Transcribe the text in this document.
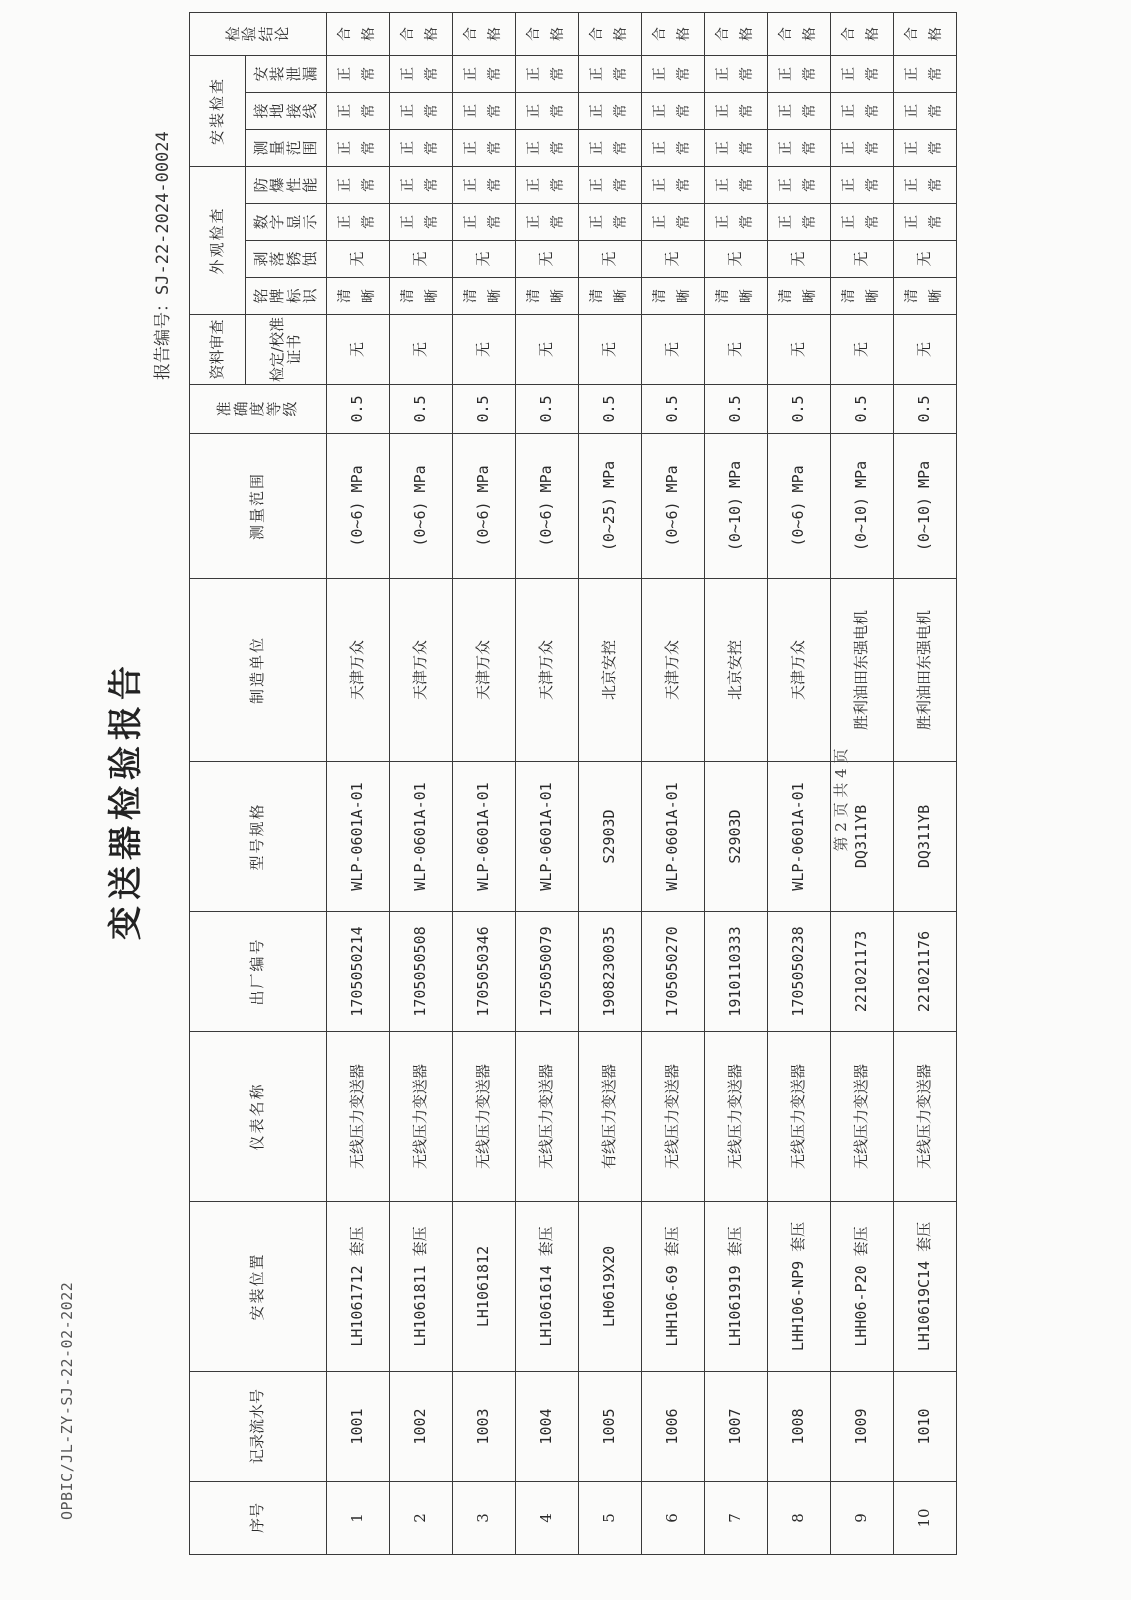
OPBIC/JL-ZY-SJ-22-02-2022
变送器检验报告
报告编号：SJ-22-2024-00024
序号	记录流水号	安装位置	仪表名称	出厂编号	型号规格	制造单位	测量范围	准确度等级	资料审查	外观检查				安装检查			检验结论
									检定/校准证书	铭牌标识	剥落锈蚀	数字显示	防爆性能	测量范围	接地接线	安装泄漏	
1	1001	LH1061712 套压	无线压力变送器	1705050214	WLP-0601A-01	天津万众	(0~6) MPa	0.5	无	清晰	无	正常	正常	正常	正常	正常	合格
2	1002	LH1061811 套压	无线压力变送器	1705050508	WLP-0601A-01	天津万众	(0~6) MPa	0.5	无	清晰	无	正常	正常	正常	正常	正常	合格
3	1003	LH1061812	无线压力变送器	1705050346	WLP-0601A-01	天津万众	(0~6) MPa	0.5	无	清晰	无	正常	正常	正常	正常	正常	合格
4	1004	LH1061614 套压	无线压力变送器	1705050079	WLP-0601A-01	天津万众	(0~6) MPa	0.5	无	清晰	无	正常	正常	正常	正常	正常	合格
5	1005	LH0619X20	有线压力变送器	1908230035	S2903D	北京安控	(0~25) MPa	0.5	无	清晰	无	正常	正常	正常	正常	正常	合格
6	1006	LHH106-69 套压	无线压力变送器	1705050270	WLP-0601A-01	天津万众	(0~6) MPa	0.5	无	清晰	无	正常	正常	正常	正常	正常	合格
7	1007	LH1061919 套压	无线压力变送器	1910110333	S2903D	北京安控	(0~10) MPa	0.5	无	清晰	无	正常	正常	正常	正常	正常	合格
8	1008	LHH106-NP9 套压	无线压力变送器	1705050238	WLP-0601A-01	天津万众	(0~6) MPa	0.5	无	清晰	无	正常	正常	正常	正常	正常	合格
9	1009	LHH06-P20 套压	无线压力变送器	221021173	DQ311YB	胜利油田东强电机	(0~10) MPa	0.5	无	清晰	无	正常	正常	正常	正常	正常	合格
10	1010	LH10619C14 套压	无线压力变送器	221021176	DQ311YB	胜利油田东强电机	(0~10) MPa	0.5	无	清晰	无	正常	正常	正常	正常	正常	合格
第 2 页 共 4 页
